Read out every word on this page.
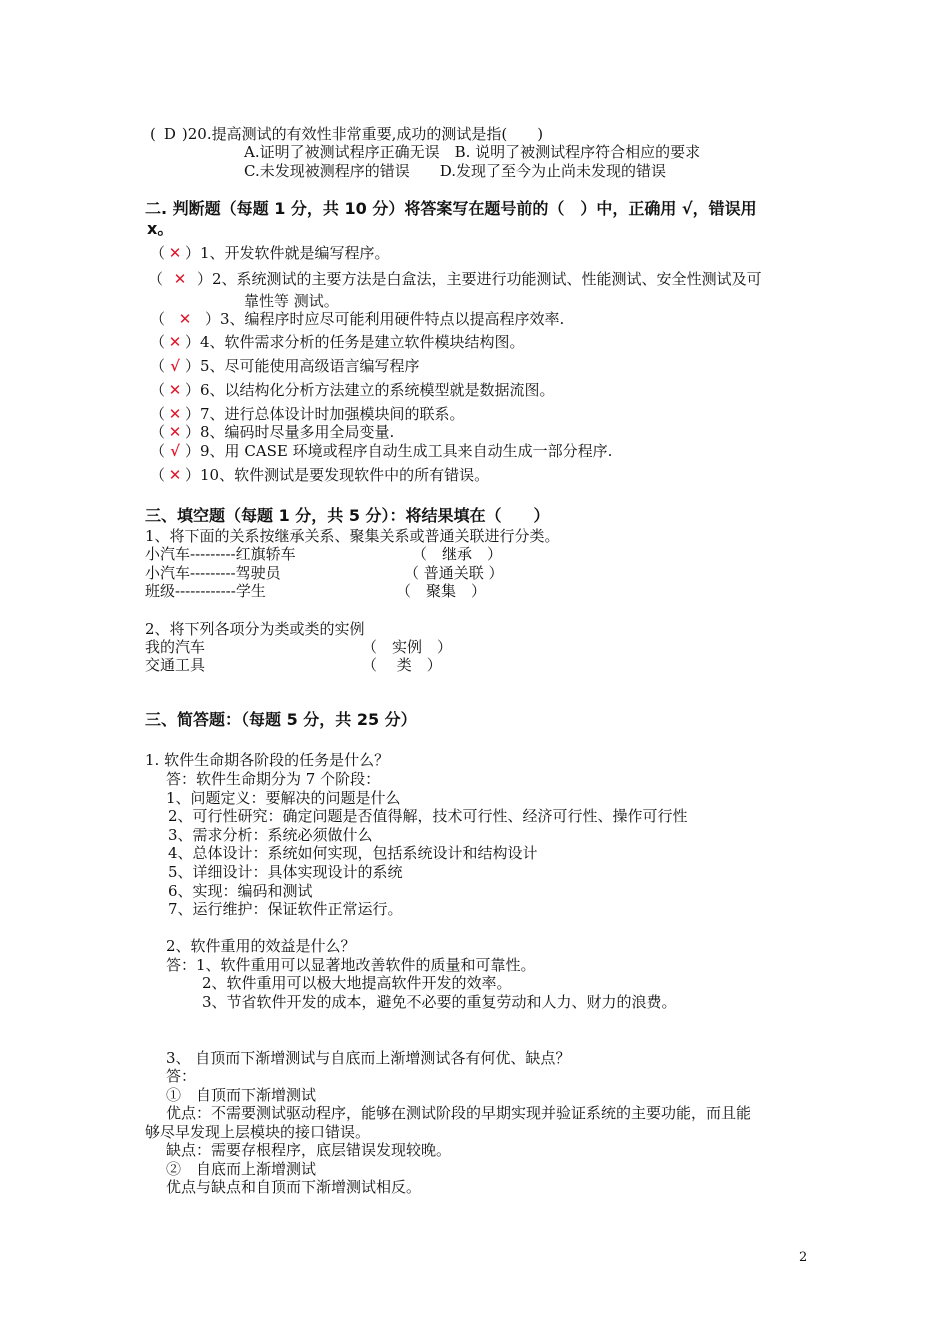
( D )20.提高测试的有效性非常重要,成功的测试是指(　　)
A.证明了被测试程序正确无误　B. 说明了被测试程序符合相应的要求
C.未发现被测程序的错误　　D.发现了至今为止尚未发现的错误
二. 判断题（每题 1 分，共 10 分）将答案写在题号前的（　）中，正确用 √，错误用
x。
（ ✕ ）1、开发软件就是编写程序。
（ ✕ ）2、系统测试的主要方法是白盒法，主要进行功能测试、性能测试、安全性测试及可
靠性等 测试。
（ ✕ ）3、编程序时应尽可能利用硬件特点以提高程序效率.
（ ✕ ）4、软件需求分析的任务是建立软件模块结构图。
（ √ ）5、尽可能使用高级语言编写程序
（ ✕ ）6、以结构化分析方法建立的系统模型就是数据流图。
（ ✕ ）7、进行总体设计时加强模块间的联系。
（ ✕ ）8、编码时尽量多用全局变量.
（ √ ）9、用 CASE 环境或程序自动生成工具来自动生成一部分程序.
（ ✕ ）10、软件测试是要发现软件中的所有错误。
三、填空题（每题 1 分，共 5 分）：将结果填在（　　）
1、将下面的关系按继承关系、聚集关系或普通关联进行分类。
小汽车---------红旗轿车	（　继承　）
小汽车---------驾驶员	（ 普通关联 ）
班级------------学生	（　聚集　）
2、将下列各项分为类或类的实例
我的汽车	（　实例　）
交通工具	（　 类　）
三、简答题：（每题 5 分，共 25 分）
1. 软件生命期各阶段的任务是什么？
答：软件生命期分为 7 个阶段：
1、问题定义：要解决的问题是什么
2、可行性研究：确定问题是否值得解，技术可行性、经济可行性、操作可行性
3、需求分析：系统必须做什么
4、总体设计：系统如何实现，包括系统设计和结构设计
5、详细设计：具体实现设计的系统
6、实现：编码和测试
7、运行维护：保证软件正常运行。
2、软件重用的效益是什么？
答：1、软件重用可以显著地改善软件的质量和可靠性。
2、软件重用可以极大地提高软件开发的效率。
3、节省软件开发的成本，避免不必要的重复劳动和人力、财力的浪费。
3、 自顶而下渐增测试与自底而上渐增测试各有何优、缺点？
答：
①　自顶而下渐增测试
优点：不需要测试驱动程序，能够在测试阶段的早期实现并验证系统的主要功能，而且能
够尽早发现上层模块的接口错误。
缺点：需要存根程序，底层错误发现较晚。
②　自底而上渐增测试
优点与缺点和自顶而下渐增测试相反。
2
